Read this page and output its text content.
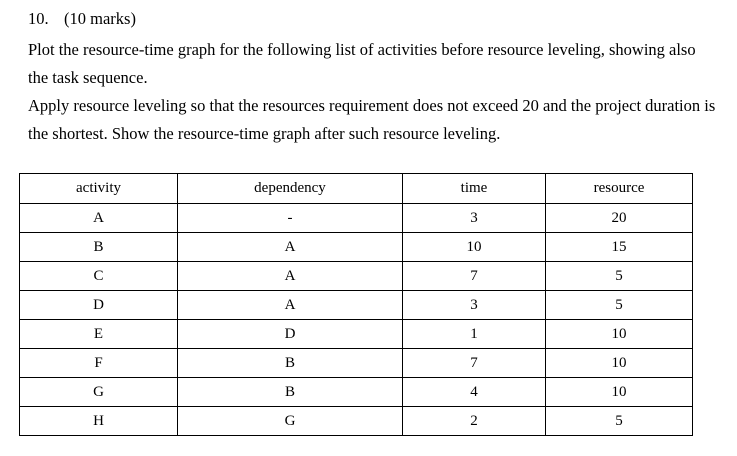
10. (10 marks)

Plot the resource-time graph for the following list of activities before resource leveling, showing also the task sequence.

Apply resource leveling so that the resources requirement does not exceed 20 and the project duration is the shortest. Show the resource-time graph after such resource leveling.

activity	dependency	time	resource
A	-	3	20
B	A	10	15
C	A	7	5
D	A	3	5
E	D	1	10
F	B	7	10
G	B	4	10
H	G	2	5
